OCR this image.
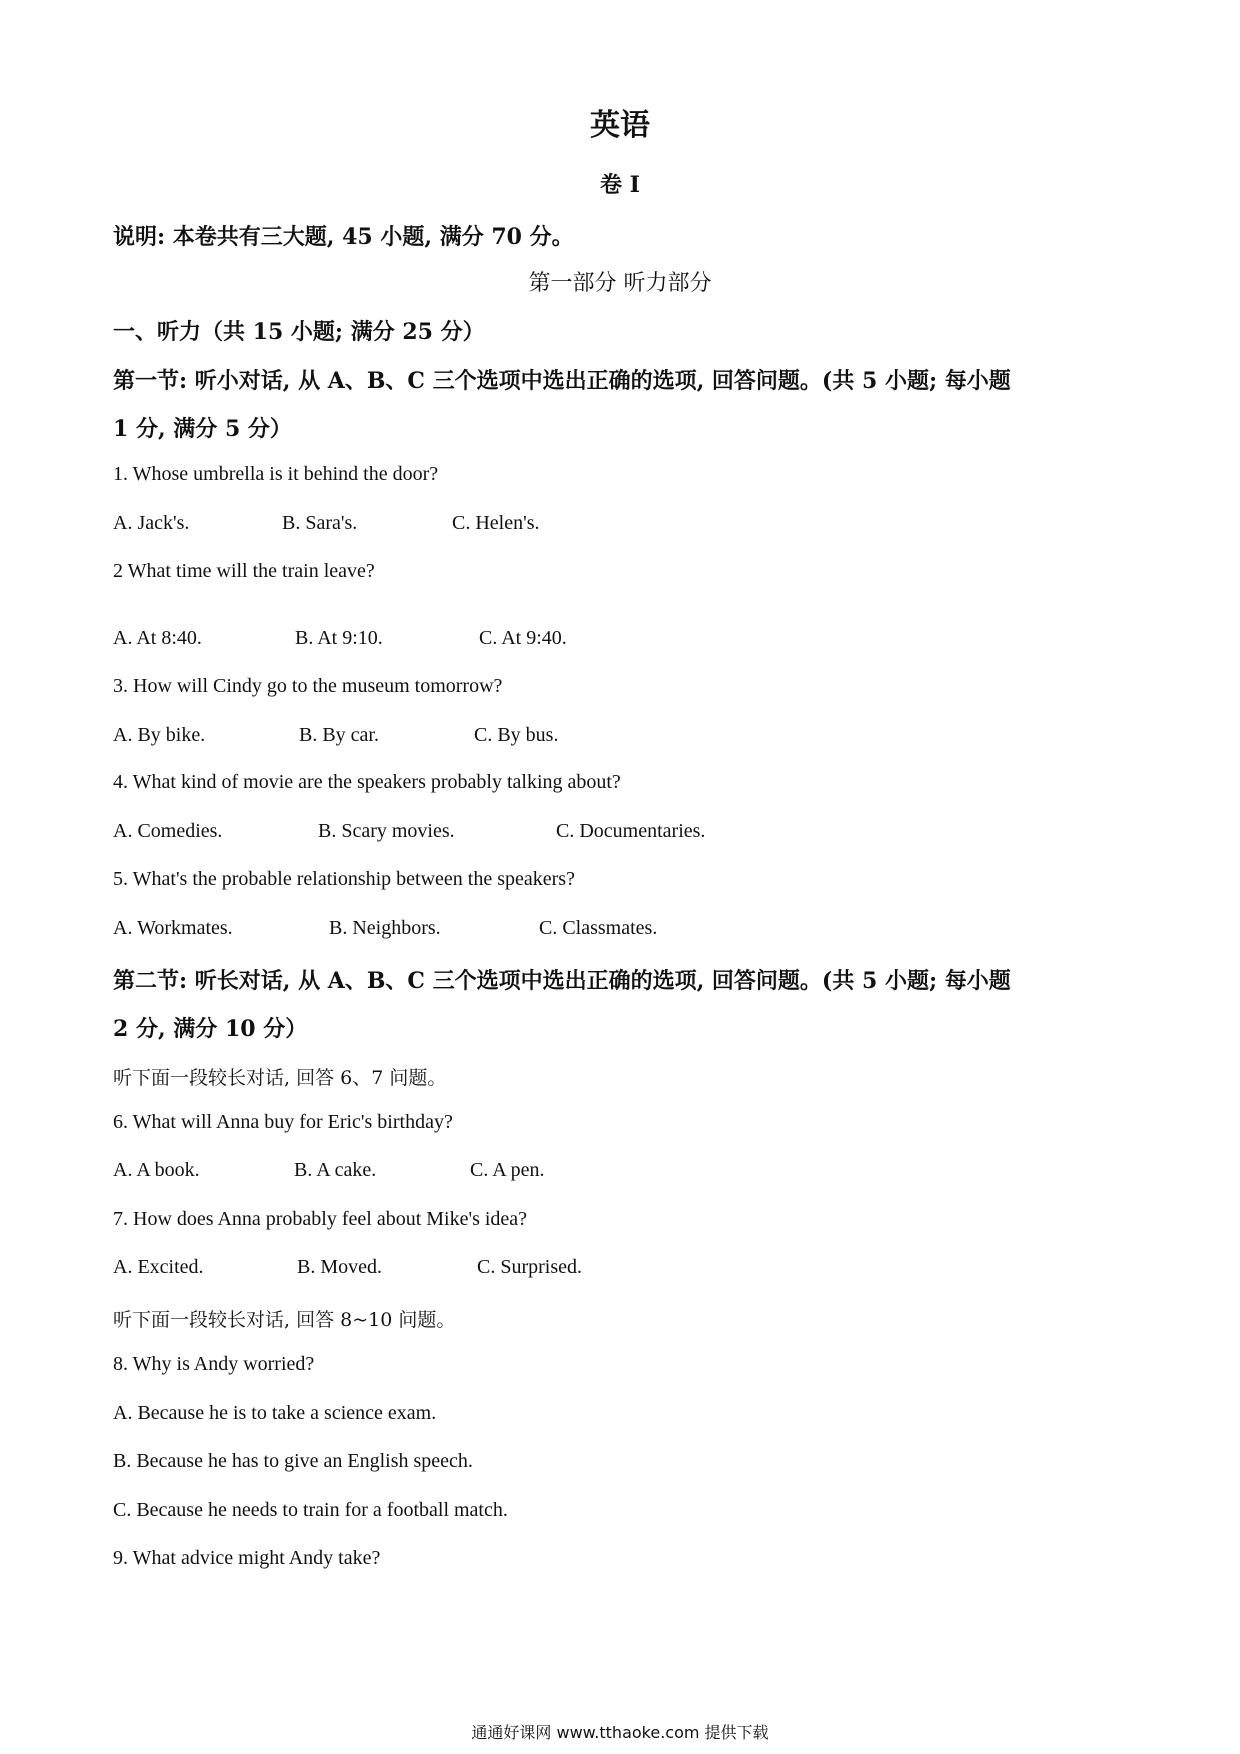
英语
卷 I
说明: 本卷共有三大题, 45 小题, 满分 70 分。
第一部分 听力部分
一、听力（共 15 小题; 满分 25 分）
第一节: 听小对话, 从 A、B、C 三个选项中选出正确的选项, 回答问题。(共 5 小题; 每小题
1 分, 满分 5 分）
1. Whose umbrella is it behind the door?
A. Jack's.	B. Sara's.	C. Helen's.
2 What time will the train leave?
A. At 8:40.	B. At 9:10.	C. At 9:40.
3. How will Cindy go to the museum tomorrow?
A. By bike.	B. By car.	C. By bus.
4. What kind of movie are the speakers probably talking about?
A. Comedies.	B. Scary movies.	C. Documentaries.
5. What's the probable relationship between the speakers?
A. Workmates.	B. Neighbors.	C. Classmates.
第二节: 听长对话, 从 A、B、C 三个选项中选出正确的选项, 回答问题。(共 5 小题; 每小题
2 分, 满分 10 分）
听下面一段较长对话, 回答 6、7 问题。
6. What will Anna buy for Eric's birthday?
A. A book.	B. A cake.	C. A pen.
7. How does Anna probably feel about Mike's idea?
A. Excited.	B. Moved.	C. Surprised.
听下面一段较长对话, 回答 8~10 问题。
8. Why is Andy worried?
A. Because he is to take a science exam.
B. Because he has to give an English speech.
C. Because he needs to train for a football match.
9. What advice might Andy take?
通通好课网 www.tthaoke.com 提供下载
